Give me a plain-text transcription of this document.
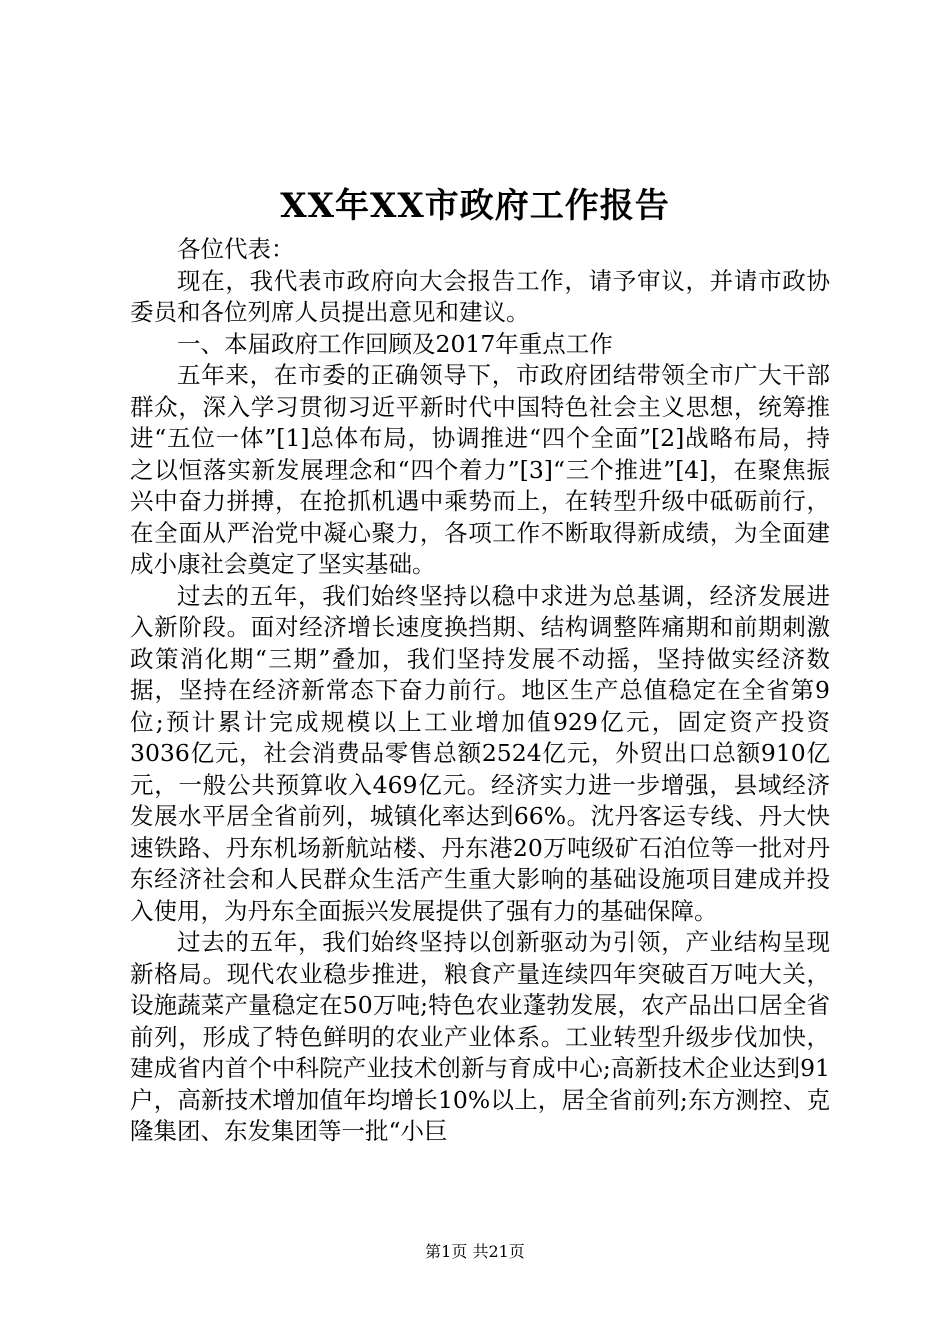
XX年XX市政府工作报告

各位代表：

现在，我代表市政府向大会报告工作，请予审议，并请市政协委员和各位列席人员提出意见和建议。

一、本届政府工作回顾及2017年重点工作

五年来，在市委的正确领导下，市政府团结带领全市广大干部群众，深入学习贯彻习近平新时代中国特色社会主义思想，统筹推进“五位一体”[1]总体布局，协调推进“四个全面”[2]战略布局，持之以恒落实新发展理念和“四个着力”[3]“三个推进”[4]，在聚焦振兴中奋力拼搏，在抢抓机遇中乘势而上，在转型升级中砥砺前行，在全面从严治党中凝心聚力，各项工作不断取得新成绩，为全面建成小康社会奠定了坚实基础。

过去的五年，我们始终坚持以稳中求进为总基调，经济发展进入新阶段。面对经济增长速度换挡期、结构调整阵痛期和前期刺激政策消化期“三期”叠加，我们坚持发展不动摇，坚持做实经济数据，坚持在经济新常态下奋力前行。地区生产总值稳定在全省第9位;预计累计完成规模以上工业增加值929亿元，固定资产投资3036亿元，社会消费品零售总额2524亿元，外贸出口总额910亿元，一般公共预算收入469亿元。经济实力进一步增强，县域经济发展水平居全省前列，城镇化率达到66%。沈丹客运专线、丹大快速铁路、丹东机场新航站楼、丹东港20万吨级矿石泊位等一批对丹东经济社会和人民群众生活产生重大影响的基础设施项目建成并投入使用，为丹东全面振兴发展提供了强有力的基础保障。

过去的五年，我们始终坚持以创新驱动为引领，产业结构呈现新格局。现代农业稳步推进，粮食产量连续四年突破百万吨大关，设施蔬菜产量稳定在50万吨;特色农业蓬勃发展，农产品出口居全省前列，形成了特色鲜明的农业产业体系。工业转型升级步伐加快，建成省内首个中科院产业技术创新与育成中心;高新技术企业达到91户，高新技术增加值年均增长10%以上，居全省前列;东方测控、克隆集团、东发集团等一批“小巨

第1页 共21页
